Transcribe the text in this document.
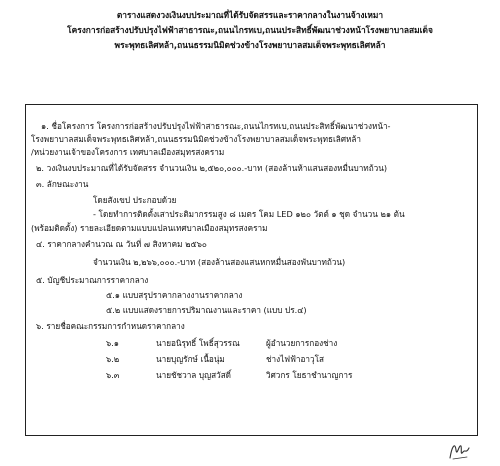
ตารางแสดงวงเงินงบประมาณที่ได้รับจัดสรรและราคากลางในงานจ้างเหมา
โครงการก่อสร้างปรับปรุงไฟฟ้าสาธารณะ,ถนนไกรทเบ,ถนนประสิทธิ์พัฒนาช่วงหน้าโรงพยาบาลสมเด็จ
พระพุทธเลิศหล้า,ถนนธรรมนิมิตช่วงข้างโรงพยาบาลสมเด็จพระพุทธเลิศหล้า
๑. ชื่อโครงการ โครงการก่อสร้างปรับปรุงไฟฟ้าสาธารณะ,ถนนไกรทเบ,ถนนประสิทธิ์พัฒนาช่วงหน้า-
โรงพยาบาลสมเด็จพระพุทธเลิศหล้า,ถนนธรรมนิมิตช่วงข้างโรงพยาบาลสมเด็จพระพุทธเลิศหล้า
/หน่วยงานเจ้าของโครงการ เทศบาลเมืองสมุทรสงคราม
๒. วงเงินงบประมาณที่ได้รับจัดสรร จำนวนเงิน ๒,๕๒๐,๐๐๐.-บาท (สองล้านห้าแสนสองหมื่นบาทถ้วน)
๓. ลักษณะงาน
โดยสังเขป ประกอบด้วย
- โดยทำการติดตั้งเสาประติมากรรมสูง ๘ เมตร โคม LED ๑๒๐ วัตต์ ๑ ชุด จำนวน ๒๑ ต้น
(พร้อมติดตั้ง) รายละเอียดตามแบบแปลนเทศบาลเมืองสมุทรสงคราม
๔. ราคากลางคำนวณ ณ วันที่ ๗ สิงหาคม ๒๕๖๐
จำนวนเงิน ๒,๒๖๖,๐๐๐.-บาท (สองล้านสองแสนหกหมื่นสองพันบาทถ้วน)
๕. บัญชีประมาณการราคากลาง
๕.๑ แบบสรุปราคากลางงานราคากลาง
๕.๒ แบบแสดงรายการปริมาณงานและราคา (แบบ ปร.๔)
๖. รายชื่อคณะกรรมการกำหนดราคากลาง
๖.๑	นายอนิรุทธิ์ โพธิ์สุวรรณ	ผู้อำนวยการกองช่าง
๖.๒	นายบุญรักษ์ เนื้อนุ่ม	ช่างไฟฟ้าอาวุโส
๖.๓	นายชัชวาล บุญสวัสดิ์	วิศวกร โยธาชำนาญการ
